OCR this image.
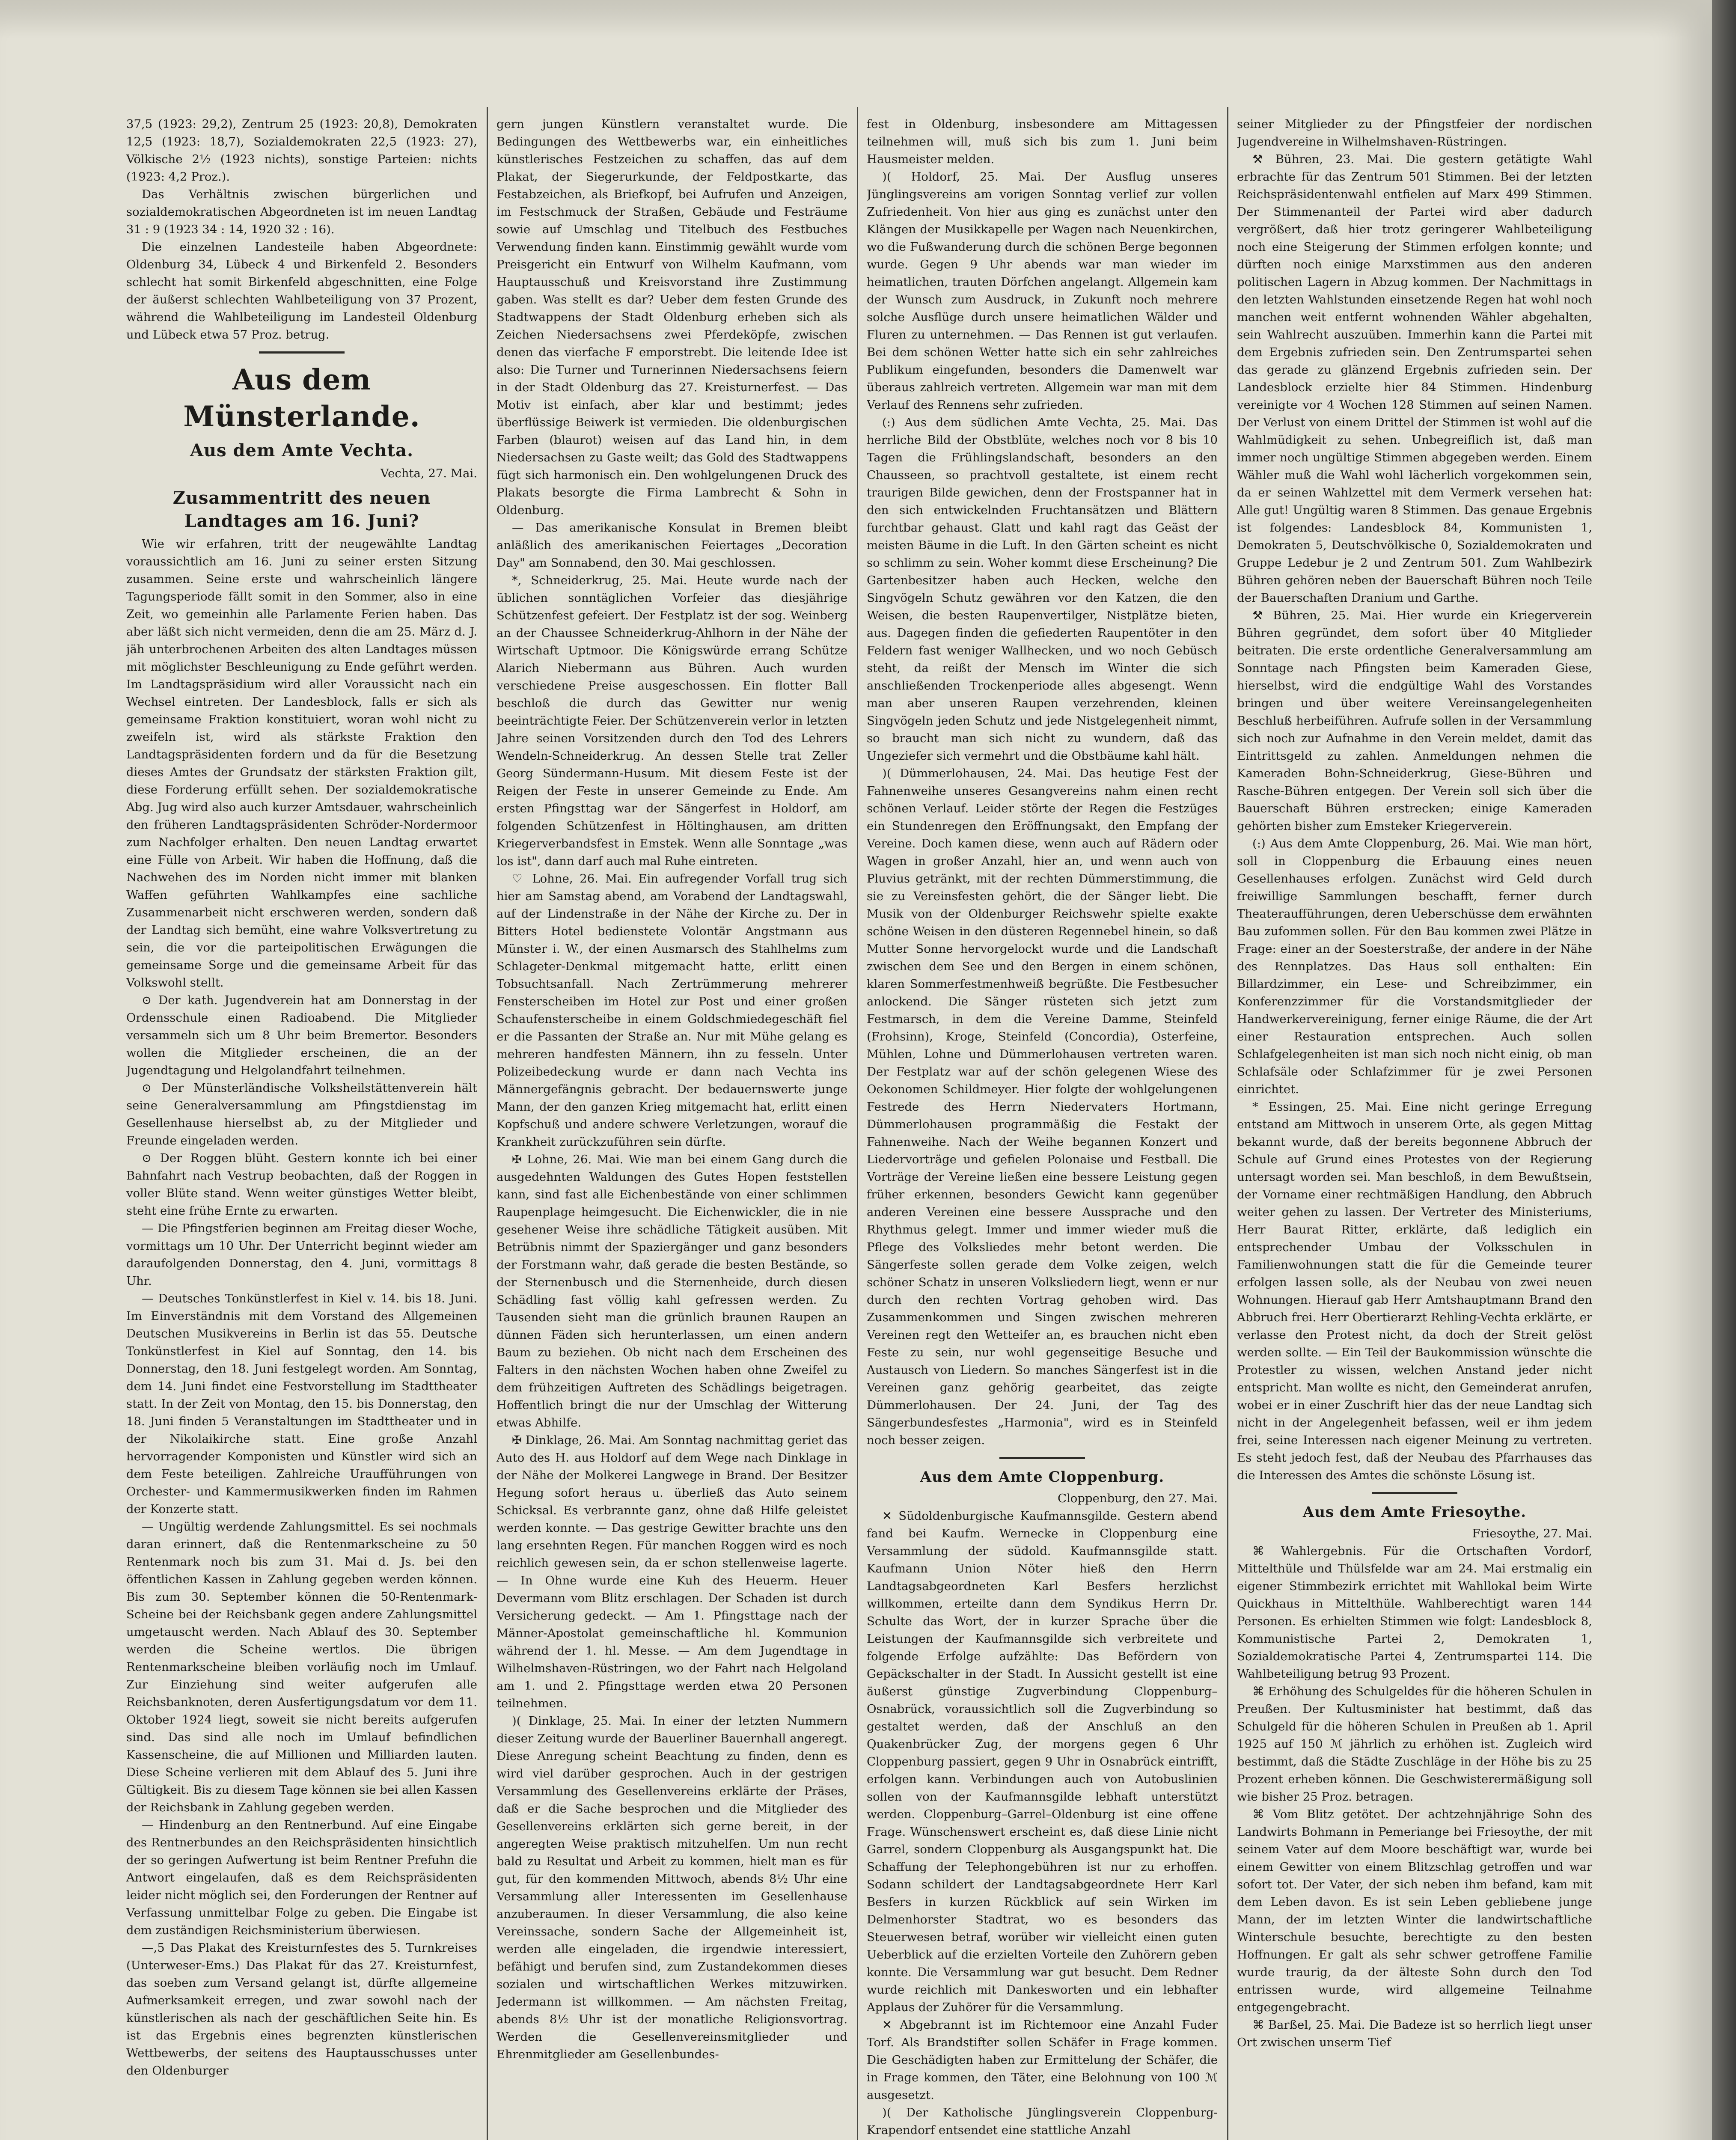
37,5 (1923: 29,2), Zentrum 25 (1923: 20,8), Demokraten 12,5 (1923: 18,7), Sozialdemokraten 22,5 (1923: 27), Völkische 2½ (1923 nichts), sonstige Parteien: nichts (1923: 4,2 Proz.).

Das Verhältnis zwischen bürgerlichen und sozialdemokratischen Abgeordneten ist im neuen Landtag 31 : 9 (1923 34 : 14, 1920 32 : 16).

Die einzelnen Landesteile haben Abgeordnete: Oldenburg 34, Lübeck 4 und Birkenfeld 2. Besonders schlecht hat somit Birkenfeld abgeschnitten, eine Folge der äußerst schlechten Wahlbeteiligung von 37 Prozent, während die Wahlbeteiligung im Landesteil Oldenburg und Lübeck etwa 57 Proz. betrug.

Aus dem Münsterlande.
Aus dem Amte Vechta.

Vechta, 27. Mai.

Zusammentritt des neuen Landtages am 16. Juni?

Wie wir erfahren, tritt der neugewählte Landtag voraussichtlich am 16. Juni zu seiner ersten Sitzung zusammen. Seine erste und wahrscheinlich längere Tagungsperiode fällt somit in den Sommer, also in eine Zeit, wo gemeinhin alle Parlamente Ferien haben. Das aber läßt sich nicht vermeiden, denn die am 25. März d. J. jäh unterbrochenen Arbeiten des alten Landtages müssen mit möglichster Beschleunigung zu Ende geführt werden. Im Landtagspräsidium wird aller Voraussicht nach ein Wechsel eintreten. Der Landesblock, falls er sich als gemeinsame Fraktion konstituiert, woran wohl nicht zu zweifeln ist, wird als stärkste Fraktion den Landtagspräsidenten fordern und da für die Besetzung dieses Amtes der Grundsatz der stärksten Fraktion gilt, diese Forderung erfüllt sehen. Der sozialdemokratische Abg. Jug wird also auch kurzer Amtsdauer, wahrscheinlich den früheren Landtagspräsidenten Schröder-Nordermoor zum Nachfolger erhalten. Den neuen Landtag erwartet eine Fülle von Arbeit. Wir haben die Hoffnung, daß die Nachwehen des im Norden nicht immer mit blanken Waffen geführten Wahlkampfes eine sachliche Zusammenarbeit nicht erschweren werden, sondern daß der Landtag sich bemüht, eine wahre Volksvertretung zu sein, die vor die parteipolitischen Erwägungen die gemeinsame Sorge und die gemeinsame Arbeit für das Volkswohl stellt.

⊙ Der kath. Jugendverein hat am Donnerstag in der Ordensschule einen Radioabend. Die Mitglieder versammeln sich um 8 Uhr beim Bremertor. Besonders wollen die Mitglieder erscheinen, die an der Jugendtagung und Helgolandfahrt teilnehmen.

⊙ Der Münsterländische Volksheilstättenverein hält seine Generalversammlung am Pfingstdienstag im Gesellenhause hierselbst ab, zu der Mitglieder und Freunde eingeladen werden.

⊙ Der Roggen blüht. Gestern konnte ich bei einer Bahnfahrt nach Vestrup beobachten, daß der Roggen in voller Blüte stand. Wenn weiter günstiges Wetter bleibt, steht eine frühe Ernte zu erwarten.

— Die Pfingstferien beginnen am Freitag dieser Woche, vormittags um 10 Uhr. Der Unterricht beginnt wieder am daraufolgenden Donnerstag, den 4. Juni, vormittags 8 Uhr.

— Deutsches Tonkünstlerfest in Kiel v. 14. bis 18. Juni. Im Einverständnis mit dem Vorstand des Allgemeinen Deutschen Musikvereins in Berlin ist das 55. Deutsche Tonkünstlerfest in Kiel auf Sonntag, den 14. bis Donnerstag, den 18. Juni festgelegt worden. Am Sonntag, dem 14. Juni findet eine Festvorstellung im Stadttheater statt. In der Zeit von Montag, den 15. bis Donnerstag, den 18. Juni finden 5 Veranstaltungen im Stadttheater und in der Nikolaikirche statt. Eine große Anzahl hervorragender Komponisten und Künstler wird sich an dem Feste beteiligen. Zahlreiche Uraufführungen von Orchester- und Kammermusikwerken finden im Rahmen der Konzerte statt.

— Ungültig werdende Zahlungsmittel. Es sei nochmals daran erinnert, daß die Rentenmarkscheine zu 50 Rentenmark noch bis zum 31. Mai d. Js. bei den öffentlichen Kassen in Zahlung gegeben werden können. Bis zum 30. September können die 50-Rentenmark-Scheine bei der Reichsbank gegen andere Zahlungsmittel umgetauscht werden. Nach Ablauf des 30. September werden die Scheine wertlos. Die übrigen Rentenmarkscheine bleiben vorläufig noch im Umlauf. Zur Einziehung sind weiter aufgerufen alle Reichsbanknoten, deren Ausfertigungsdatum vor dem 11. Oktober 1924 liegt, soweit sie nicht bereits aufgerufen sind. Das sind alle noch im Umlauf befindlichen Kassenscheine, die auf Millionen und Milliarden lauten. Diese Scheine verlieren mit dem Ablauf des 5. Juni ihre Gültigkeit. Bis zu diesem Tage können sie bei allen Kassen der Reichsbank in Zahlung gegeben werden.

— Hindenburg an den Rentnerbund. Auf eine Eingabe des Rentnerbundes an den Reichspräsidenten hinsichtlich der so geringen Aufwertung ist beim Rentner Prefuhn die Antwort eingelaufen, daß es dem Reichspräsidenten leider nicht möglich sei, den Forderungen der Rentner auf Verfassung unmittelbar Folge zu geben. Die Eingabe ist dem zuständigen Reichsministerium überwiesen.

—,5 Das Plakat des Kreisturnfestes des 5. Turnkreises (Unterweser-Ems.) Das Plakat für das 27. Kreisturnfest, das soeben zum Versand gelangt ist, dürfte allgemeine Aufmerksamkeit erregen, und zwar sowohl nach der künstlerischen als nach der geschäftlichen Seite hin. Es ist das Ergebnis eines begrenzten künstlerischen Wettbewerbs, der seitens des Hauptausschusses unter den Oldenburger

gern jungen Künstlern veranstaltet wurde. Die Bedingungen des Wettbewerbs war, ein einheitliches künstlerisches Festzeichen zu schaffen, das auf dem Plakat, der Siegerurkunde, der Feldpostkarte, das Festabzeichen, als Briefkopf, bei Aufrufen und Anzeigen, im Festschmuck der Straßen, Gebäude und Festräume sowie auf Umschlag und Titelbuch des Festbuches Verwendung finden kann. Einstimmig gewählt wurde vom Preisgericht ein Entwurf von Wilhelm Kaufmann, vom Hauptausschuß und Kreisvorstand ihre Zustimmung gaben. Was stellt es dar? Ueber dem festen Grunde des Stadtwappens der Stadt Oldenburg erheben sich als Zeichen Niedersachsens zwei Pferdeköpfe, zwischen denen das vierfache F emporstrebt. Die leitende Idee ist also: Die Turner und Turnerinnen Niedersachsens feiern in der Stadt Oldenburg das 27. Kreisturnerfest. — Das Motiv ist einfach, aber klar und bestimmt; jedes überflüssige Beiwerk ist vermieden. Die oldenburgischen Farben (blaurot) weisen auf das Land hin, in dem Niedersachsen zu Gaste weilt; das Gold des Stadtwappens fügt sich harmonisch ein. Den wohlgelungenen Druck des Plakats besorgte die Firma Lambrecht & Sohn in Oldenburg.

— Das amerikanische Konsulat in Bremen bleibt anläßlich des amerikanischen Feiertages „Decoration Day" am Sonnabend, den 30. Mai geschlossen.

*, Schneiderkrug, 25. Mai. Heute wurde nach der üblichen sonntäglichen Vorfeier das diesjährige Schützenfest gefeiert. Der Festplatz ist der sog. Weinberg an der Chaussee Schneiderkrug-Ahlhorn in der Nähe der Wirtschaft Uptmoor. Die Königswürde errang Schütze Alarich Niebermann aus Bühren. Auch wurden verschiedene Preise ausgeschossen. Ein flotter Ball beschloß die durch das Gewitter nur wenig beeinträchtigte Feier. Der Schützenverein verlor in letzten Jahre seinen Vorsitzenden durch den Tod des Lehrers Wendeln-Schneiderkrug. An dessen Stelle trat Zeller Georg Sündermann-Husum. Mit diesem Feste ist der Reigen der Feste in unserer Gemeinde zu Ende. Am ersten Pfingsttag war der Sängerfest in Holdorf, am folgenden Schützenfest in Höltinghausen, am dritten Kriegerverbandsfest in Emstek. Wenn alle Sonntage „was los ist", dann darf auch mal Ruhe eintreten.

♡ Lohne, 26. Mai. Ein aufregender Vorfall trug sich hier am Samstag abend, am Vorabend der Landtagswahl, auf der Lindenstraße in der Nähe der Kirche zu. Der in Bitters Hotel bedienstete Volontär Angstmann aus Münster i. W., der einen Ausmarsch des Stahlhelms zum Schlageter-Denkmal mitgemacht hatte, erlitt einen Tobsuchtsanfall. Nach Zertrümmerung mehrerer Fensterscheiben im Hotel zur Post und einer großen Schaufensterscheibe in einem Goldschmiedegeschäft fiel er die Passanten der Straße an. Nur mit Mühe gelang es mehreren handfesten Männern, ihn zu fesseln. Unter Polizeibedeckung wurde er dann nach Vechta ins Männergefängnis gebracht. Der bedauernswerte junge Mann, der den ganzen Krieg mitgemacht hat, erlitt einen Kopfschuß und andere schwere Verletzungen, worauf die Krankheit zurückzuführen sein dürfte.

✠ Lohne, 26. Mai. Wie man bei einem Gang durch die ausgedehnten Waldungen des Gutes Hopen feststellen kann, sind fast alle Eichenbestände von einer schlimmen Raupenplage heimgesucht. Die Eichenwickler, die in nie gesehener Weise ihre schädliche Tätigkeit ausüben. Mit Betrübnis nimmt der Spaziergänger und ganz besonders der Forstmann wahr, daß gerade die besten Bestände, so der Sternenbusch und die Sternenheide, durch diesen Schädling fast völlig kahl gefressen werden. Zu Tausenden sieht man die grünlich braunen Raupen an dünnen Fäden sich herunterlassen, um einen andern Baum zu beziehen. Ob nicht nach dem Erscheinen des Falters in den nächsten Wochen haben ohne Zweifel zu dem frühzeitigen Auftreten des Schädlings beigetragen. Hoffentlich bringt die nur der Umschlag der Witterung etwas Abhilfe.

✠ Dinklage, 26. Mai. Am Sonntag nachmittag geriet das Auto des H. aus Holdorf auf dem Wege nach Dinklage in der Nähe der Molkerei Langwege in Brand. Der Besitzer Hegung sofort heraus u. überließ das Auto seinem Schicksal. Es verbrannte ganz, ohne daß Hilfe geleistet werden konnte. — Das gestrige Gewitter brachte uns den lang ersehnten Regen. Für manchen Roggen wird es noch reichlich gewesen sein, da er schon stellenweise lagerte. — In Ohne wurde eine Kuh des Heuerm. Heuer Devermann vom Blitz erschlagen. Der Schaden ist durch Versicherung gedeckt. — Am 1. Pfingsttage nach der Männer-Apostolat gemeinschaftliche hl. Kommunion während der 1. hl. Messe. — Am dem Jugendtage in Wilhelmshaven-Rüstringen, wo der Fahrt nach Helgoland am 1. und 2. Pfingsttage werden etwa 20 Personen teilnehmen.

)( Dinklage, 25. Mai. In einer der letzten Nummern dieser Zeitung wurde der Bauerliner Bauernhall angeregt. Diese Anregung scheint Beachtung zu finden, denn es wird viel darüber gesprochen. Auch in der gestrigen Versammlung des Gesellenvereins erklärte der Präses, daß er die Sache besprochen und die Mitglieder des Gesellenvereins erklärten sich gerne bereit, in der angeregten Weise praktisch mitzuhelfen. Um nun recht bald zu Resultat und Arbeit zu kommen, hielt man es für gut, für den kommenden Mittwoch, abends 8½ Uhr eine Versammlung aller Interessenten im Gesellenhause anzuberaumen. In dieser Versammlung, die also keine Vereinssache, sondern Sache der Allgemeinheit ist, werden alle eingeladen, die irgendwie interessiert, befähigt und berufen sind, zum Zustandekommen dieses sozialen und wirtschaftlichen Werkes mitzuwirken. Jedermann ist willkommen. — Am nächsten Freitag, abends 8½ Uhr ist der monatliche Religionsvortrag. Werden die Gesellenvereinsmitglieder und Ehrenmitglieder am Gesellenbundes-

fest in Oldenburg, insbesondere am Mittagessen teilnehmen will, muß sich bis zum 1. Juni beim Hausmeister melden.

)( Holdorf, 25. Mai. Der Ausflug unseres Jünglingsvereins am vorigen Sonntag verlief zur vollen Zufriedenheit. Von hier aus ging es zunächst unter den Klängen der Musikkapelle per Wagen nach Neuenkirchen, wo die Fußwanderung durch die schönen Berge begonnen wurde. Gegen 9 Uhr abends war man wieder im heimatlichen, trauten Dörfchen angelangt. Allgemein kam der Wunsch zum Ausdruck, in Zukunft noch mehrere solche Ausflüge durch unsere heimatlichen Wälder und Fluren zu unternehmen. — Das Rennen ist gut verlaufen. Bei dem schönen Wetter hatte sich ein sehr zahlreiches Publikum eingefunden, besonders die Damenwelt war überaus zahlreich vertreten. Allgemein war man mit dem Verlauf des Rennens sehr zufrieden.

(:) Aus dem südlichen Amte Vechta, 25. Mai. Das herrliche Bild der Obstblüte, welches noch vor 8 bis 10 Tagen die Frühlingslandschaft, besonders an den Chausseen, so prachtvoll gestaltete, ist einem recht traurigen Bilde gewichen, denn der Frostspanner hat in den sich entwickelnden Fruchtansätzen und Blättern furchtbar gehaust. Glatt und kahl ragt das Geäst der meisten Bäume in die Luft. In den Gärten scheint es nicht so schlimm zu sein. Woher kommt diese Erscheinung? Die Gartenbesitzer haben auch Hecken, welche den Singvögeln Schutz gewähren vor den Katzen, die den Weisen, die besten Raupenvertilger, Nistplätze bieten, aus. Dagegen finden die gefiederten Raupentöter in den Feldern fast weniger Wallhecken, und wo noch Gebüsch steht, da reißt der Mensch im Winter die sich anschließenden Trockenperiode alles abgesengt. Wenn man aber unseren Raupen verzehrenden, kleinen Singvögeln jeden Schutz und jede Nistgelegenheit nimmt, so braucht man sich nicht zu wundern, daß das Ungeziefer sich vermehrt und die Obstbäume kahl hält.

)( Dümmerlohausen, 24. Mai. Das heutige Fest der Fahnenweihe unseres Gesangvereins nahm einen recht schönen Verlauf. Leider störte der Regen die Festzüges ein Stundenregen den Eröffnungsakt, den Empfang der Vereine. Doch kamen diese, wenn auch auf Rädern oder Wagen in großer Anzahl, hier an, und wenn auch von Pluvius getränkt, mit der rechten Dümmerstimmung, die sie zu Vereinsfesten gehört, die der Sänger liebt. Die Musik von der Oldenburger Reichswehr spielte exakte schöne Weisen in den düsteren Regennebel hinein, so daß Mutter Sonne hervorgelockt wurde und die Landschaft zwischen dem See und den Bergen in einem schönen, klaren Sommerfestmenhweiß begrüßte. Die Festbesucher anlockend. Die Sänger rüsteten sich jetzt zum Festmarsch, in dem die Vereine Damme, Steinfeld (Frohsinn), Kroge, Steinfeld (Concordia), Osterfeine, Mühlen, Lohne und Dümmerlohausen vertreten waren. Der Festplatz war auf der schön gelegenen Wiese des Oekonomen Schildmeyer. Hier folgte der wohlgelungenen Festrede des Herrn Niedervaters Hortmann, Dümmerlohausen programmäßig die Festakt der Fahnenweihe. Nach der Weihe begannen Konzert und Liedervorträge und gefielen Polonaise und Festball. Die Vorträge der Vereine ließen eine bessere Leistung gegen früher erkennen, besonders Gewicht kann gegenüber anderen Vereinen eine bessere Aussprache und den Rhythmus gelegt. Immer und immer wieder muß die Pflege des Volksliedes mehr betont werden. Die Sängerfeste sollen gerade dem Volke zeigen, welch schöner Schatz in unseren Volksliedern liegt, wenn er nur durch den rechten Vortrag gehoben wird. Das Zusammenkommen und Singen zwischen mehreren Vereinen regt den Wetteifer an, es brauchen nicht eben Feste zu sein, nur wohl gegenseitige Besuche und Austausch von Liedern. So manches Sängerfest ist in die Vereinen ganz gehörig gearbeitet, das zeigte Dümmerlohausen. Der 24. Juni, der Tag des Sängerbundesfestes „Harmonia", wird es in Steinfeld noch besser zeigen.

Aus dem Amte Cloppenburg.

Cloppenburg, den 27. Mai.

✕ Südoldenburgische Kaufmannsgilde. Gestern abend fand bei Kaufm. Wernecke in Cloppenburg eine Versammlung der südold. Kaufmannsgilde statt. Kaufmann Union Nöter hieß den Herrn Landtagsabgeordneten Karl Besfers herzlichst willkommen, erteilte dann dem Syndikus Herrn Dr. Schulte das Wort, der in kurzer Sprache über die Leistungen der Kaufmannsgilde sich verbreitete und folgende Erfolge aufzählte: Das Befördern von Gepäckschalter in der Stadt. In Aussicht gestellt ist eine äußerst günstige Zugverbindung Cloppenburg–Osnabrück, voraussichtlich soll die Zugverbindung so gestaltet werden, daß der Anschluß an den Quakenbrücker Zug, der morgens gegen 6 Uhr Cloppenburg passiert, gegen 9 Uhr in Osnabrück eintrifft, erfolgen kann. Verbindungen auch von Autobuslinien sollen von der Kaufmannsgilde lebhaft unterstützt werden. Cloppenburg–Garrel–Oldenburg ist eine offene Frage. Wünschenswert erscheint es, daß diese Linie nicht Garrel, sondern Cloppenburg als Ausgangspunkt hat. Die Schaffung der Telephongebühren ist nur zu erhoffen. Sodann schildert der Landtagsabgeordnete Herr Karl Besfers in kurzen Rückblick auf sein Wirken im Delmenhorster Stadtrat, wo es besonders das Steuerwesen betraf, worüber wir vielleicht einen guten Ueberblick auf die erzielten Vorteile den Zuhörern geben konnte. Die Versammlung war gut besucht. Dem Redner wurde reichlich mit Dankesworten und ein lebhafter Applaus der Zuhörer für die Versammlung.

✕ Abgebrannt ist im Richtemoor eine Anzahl Fuder Torf. Als Brandstifter sollen Schäfer in Frage kommen. Die Geschädigten haben zur Ermittelung der Schäfer, die in Frage kommen, den Täter, eine Belohnung von 100 ℳ ausgesetzt.

)( Der Katholische Jünglingsverein Cloppenburg-Krapendorf entsendet eine stattliche Anzahl

seiner Mitglieder zu der Pfingstfeier der nordischen Jugendvereine in Wilhelmshaven-Rüstringen.

⚒ Bühren, 23. Mai. Die gestern getätigte Wahl erbrachte für das Zentrum 501 Stimmen. Bei der letzten Reichspräsidentenwahl entfielen auf Marx 499 Stimmen. Der Stimmenanteil der Partei wird aber dadurch vergrößert, daß hier trotz geringerer Wahlbeteiligung noch eine Steigerung der Stimmen erfolgen konnte; und dürften noch einige Marxstimmen aus den anderen politischen Lagern in Abzug kommen. Der Nachmittags in den letzten Wahlstunden einsetzende Regen hat wohl noch manchen weit entfernt wohnenden Wähler abgehalten, sein Wahlrecht auszuüben. Immerhin kann die Partei mit dem Ergebnis zufrieden sein. Den Zentrumspartei sehen das gerade zu glänzend Ergebnis zufrieden sein. Der Landesblock erzielte hier 84 Stimmen. Hindenburg vereinigte vor 4 Wochen 128 Stimmen auf seinen Namen. Der Verlust von einem Drittel der Stimmen ist wohl auf die Wahlmüdigkeit zu sehen. Unbegreiflich ist, daß man immer noch ungültige Stimmen abgegeben werden. Einem Wähler muß die Wahl wohl lächerlich vorgekommen sein, da er seinen Wahlzettel mit dem Vermerk versehen hat: Alle gut! Ungültig waren 8 Stimmen. Das genaue Ergebnis ist folgendes: Landesblock 84, Kommunisten 1, Demokraten 5, Deutschvölkische 0, Sozialdemokraten und Gruppe Ledebur je 2 und Zentrum 501. Zum Wahlbezirk Bühren gehören neben der Bauerschaft Bühren noch Teile der Bauerschaften Dranium und Garthe.

⚒ Bühren, 25. Mai. Hier wurde ein Kriegerverein Bühren gegründet, dem sofort über 40 Mitglieder beitraten. Die erste ordentliche Generalversammlung am Sonntage nach Pfingsten beim Kameraden Giese, hierselbst, wird die endgültige Wahl des Vorstandes bringen und über weitere Vereinsangelegenheiten Beschluß herbeiführen. Aufrufe sollen in der Versammlung sich noch zur Aufnahme in den Verein meldet, damit das Eintrittsgeld zu zahlen. Anmeldungen nehmen die Kameraden Bohn-Schneiderkrug, Giese-Bühren und Rasche-Bühren entgegen. Der Verein soll sich über die Bauerschaft Bühren erstrecken; einige Kameraden gehörten bisher zum Emsteker Kriegerverein.

(:) Aus dem Amte Cloppenburg, 26. Mai. Wie man hört, soll in Cloppenburg die Erbauung eines neuen Gesellenhauses erfolgen. Zunächst wird Geld durch freiwillige Sammlungen beschafft, ferner durch Theateraufführungen, deren Ueberschüsse dem erwähnten Bau zufommen sollen. Für den Bau kommen zwei Plätze in Frage: einer an der Soesterstraße, der andere in der Nähe des Rennplatzes. Das Haus soll enthalten: Ein Billardzimmer, ein Lese- und Schreibzimmer, ein Konferenzzimmer für die Vorstandsmitglieder der Handwerkervereinigung, ferner einige Räume, die der Art einer Restauration entsprechen. Auch sollen Schlafgelegenheiten ist man sich noch nicht einig, ob man Schlafsäle oder Schlafzimmer für je zwei Personen einrichtet.

* Essingen, 25. Mai. Eine nicht geringe Erregung entstand am Mittwoch in unserem Orte, als gegen Mittag bekannt wurde, daß der bereits begonnene Abbruch der Schule auf Grund eines Protestes von der Regierung untersagt worden sei. Man beschloß, in dem Bewußtsein, der Vorname einer rechtmäßigen Handlung, den Abbruch weiter gehen zu lassen. Der Vertreter des Ministeriums, Herr Baurat Ritter, erklärte, daß lediglich ein entsprechender Umbau der Volksschulen in Familienwohnungen statt die für die Gemeinde teurer erfolgen lassen solle, als der Neubau von zwei neuen Wohnungen. Hierauf gab Herr Amtshauptmann Brand den Abbruch frei. Herr Obertierarzt Rehling-Vechta erklärte, er verlasse den Protest nicht, da doch der Streit gelöst werden sollte. — Ein Teil der Baukommission wünschte die Protestler zu wissen, welchen Anstand jeder nicht entspricht. Man wollte es nicht, den Gemeinderat anrufen, wobei er in einer Zuschrift hier das der neue Landtag sich nicht in der Angelegenheit befassen, weil er ihm jedem frei, seine Interessen nach eigener Meinung zu vertreten. Es steht jedoch fest, daß der Neubau des Pfarrhauses das die Interessen des Amtes die schönste Lösung ist.

Aus dem Amte Friesoythe.

Friesoythe, 27. Mai.

⌘ Wahlergebnis. Für die Ortschaften Vordorf, Mittelthüle und Thülsfelde war am 24. Mai erstmalig ein eigener Stimmbezirk errichtet mit Wahllokal beim Wirte Quickhaus in Mittelthüle. Wahlberechtigt waren 144 Personen. Es erhielten Stimmen wie folgt: Landesblock 8, Kommunistische Partei 2, Demokraten 1, Sozialdemokratische Partei 4, Zentrumspartei 114. Die Wahlbeteiligung betrug 93 Prozent.

⌘ Erhöhung des Schulgeldes für die höheren Schulen in Preußen. Der Kultusminister hat bestimmt, daß das Schulgeld für die höheren Schulen in Preußen ab 1. April 1925 auf 150 ℳ jährlich zu erhöhen ist. Zugleich wird bestimmt, daß die Städte Zuschläge in der Höhe bis zu 25 Prozent erheben können. Die Geschwisterermäßigung soll wie bisher 25 Proz. betragen.

⌘ Vom Blitz getötet. Der achtzehnjährige Sohn des Landwirts Bohmann in Pemeriange bei Friesoythe, der mit seinem Vater auf dem Moore beschäftigt war, wurde bei einem Gewitter von einem Blitzschlag getroffen und war sofort tot. Der Vater, der sich neben ihm befand, kam mit dem Leben davon. Es ist sein Leben gebliebene junge Mann, der im letzten Winter die landwirtschaftliche Winterschule besuchte, berechtigte zu den besten Hoffnungen. Er galt als sehr schwer getroffene Familie wurde traurig, da der älteste Sohn durch den Tod entrissen wurde, wird allgemeine Teilnahme entgegengebracht.

⌘ Barßel, 25. Mai. Die Badeze ist so herrlich liegt unser Ort zwischen unserm Tief
